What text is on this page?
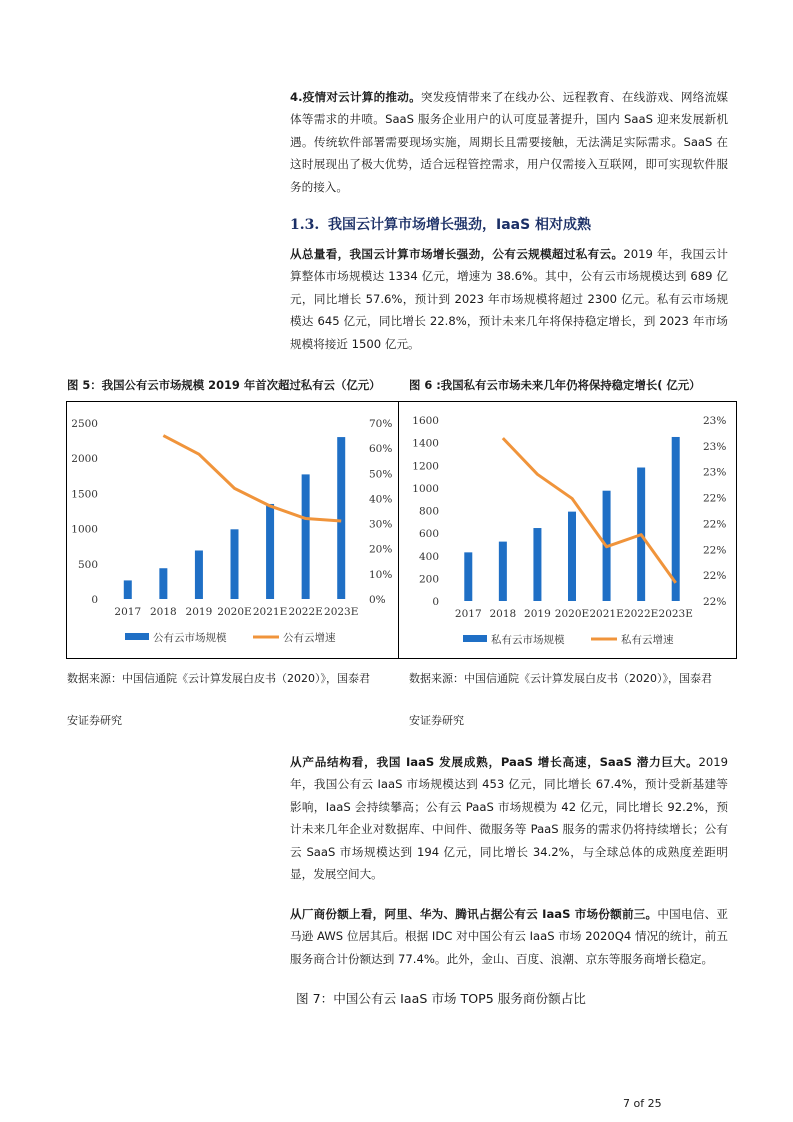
4.疫情对云计算的推动。突发疫情带来了在线办公、远程教育、在线游戏、网络流媒体等需求的井喷。SaaS 服务企业用户的认可度显著提升，国内 SaaS 迎来发展新机遇。传统软件部署需要现场实施，周期长且需要接触，无法满足实际需求。SaaS 在这时展现出了极大优势，适合远程管控需求，用户仅需接入互联网，即可实现软件服务的接入。
1.3. 我国云计算市场增长强劲，IaaS 相对成熟
从总量看，我国云计算市场增长强劲，公有云规模超过私有云。2019 年，我国云计算整体市场规模达 1334 亿元，增速为 38.6%。其中，公有云市场规模达到 689 亿元，同比增长 57.6%，预计到 2023 年市场规模将超过 2300 亿元。私有云市场规模达 645 亿元，同比增长 22.8%，预计未来几年将保持稳定增长，到 2023 年市场规模将接近 1500 亿元。
图 5：我国公有云市场规模 2019 年首次超过私有云（亿元） 图 6 :我国私有云市场未来几年仍将保持稳定增长( 亿元）
0
500
1000
1500
2000
2500
0%
10%
20%
30%
40%
50%
60%
70%
2017 2018 2019 2020E 2021E 2022E 2023E
公有云市场规模	公有云增速
0
200
400
600
800
1000
1200
1400
1600
22%
22%
22%
22%
22%
23%
23%
23%
2017 2018 2019 2020E 2021E 2022E 2023E
私有云市场规模	私有云增速
数据来源：中国信通院《云计算发展白皮书（2020）》，国泰君
安证券研究
数据来源：中国信通院《云计算发展白皮书（2020）》，国泰君
安证券研究
从产品结构看，我国 IaaS 发展成熟，PaaS 增长高速，SaaS 潜力巨大。2019 年，我国公有云 IaaS 市场规模达到 453 亿元，同比增长 67.4%，预计受新基建等影响，IaaS 会持续攀高；公有云 PaaS 市场规模为 42 亿元，同比增长 92.2%，预计未来几年企业对数据库、中间件、微服务等 PaaS 服务的需求仍将持续增长；公有云 SaaS 市场规模达到 194 亿元，同比增长 34.2%，与全球总体的成熟度差距明显，发展空间大。
从厂商份额上看，阿里、华为、腾讯占据公有云 IaaS 市场份额前三。中国电信、亚马逊 AWS 位居其后。根据 IDC 对中国公有云 IaaS 市场 2020Q4 情况的统计，前五服务商合计份额达到 77.4%。此外，金山、百度、浪潮、京东等服务商增长稳定。
图 7：中国公有云 IaaS 市场 TOP5 服务商份额占比
7 of 25
